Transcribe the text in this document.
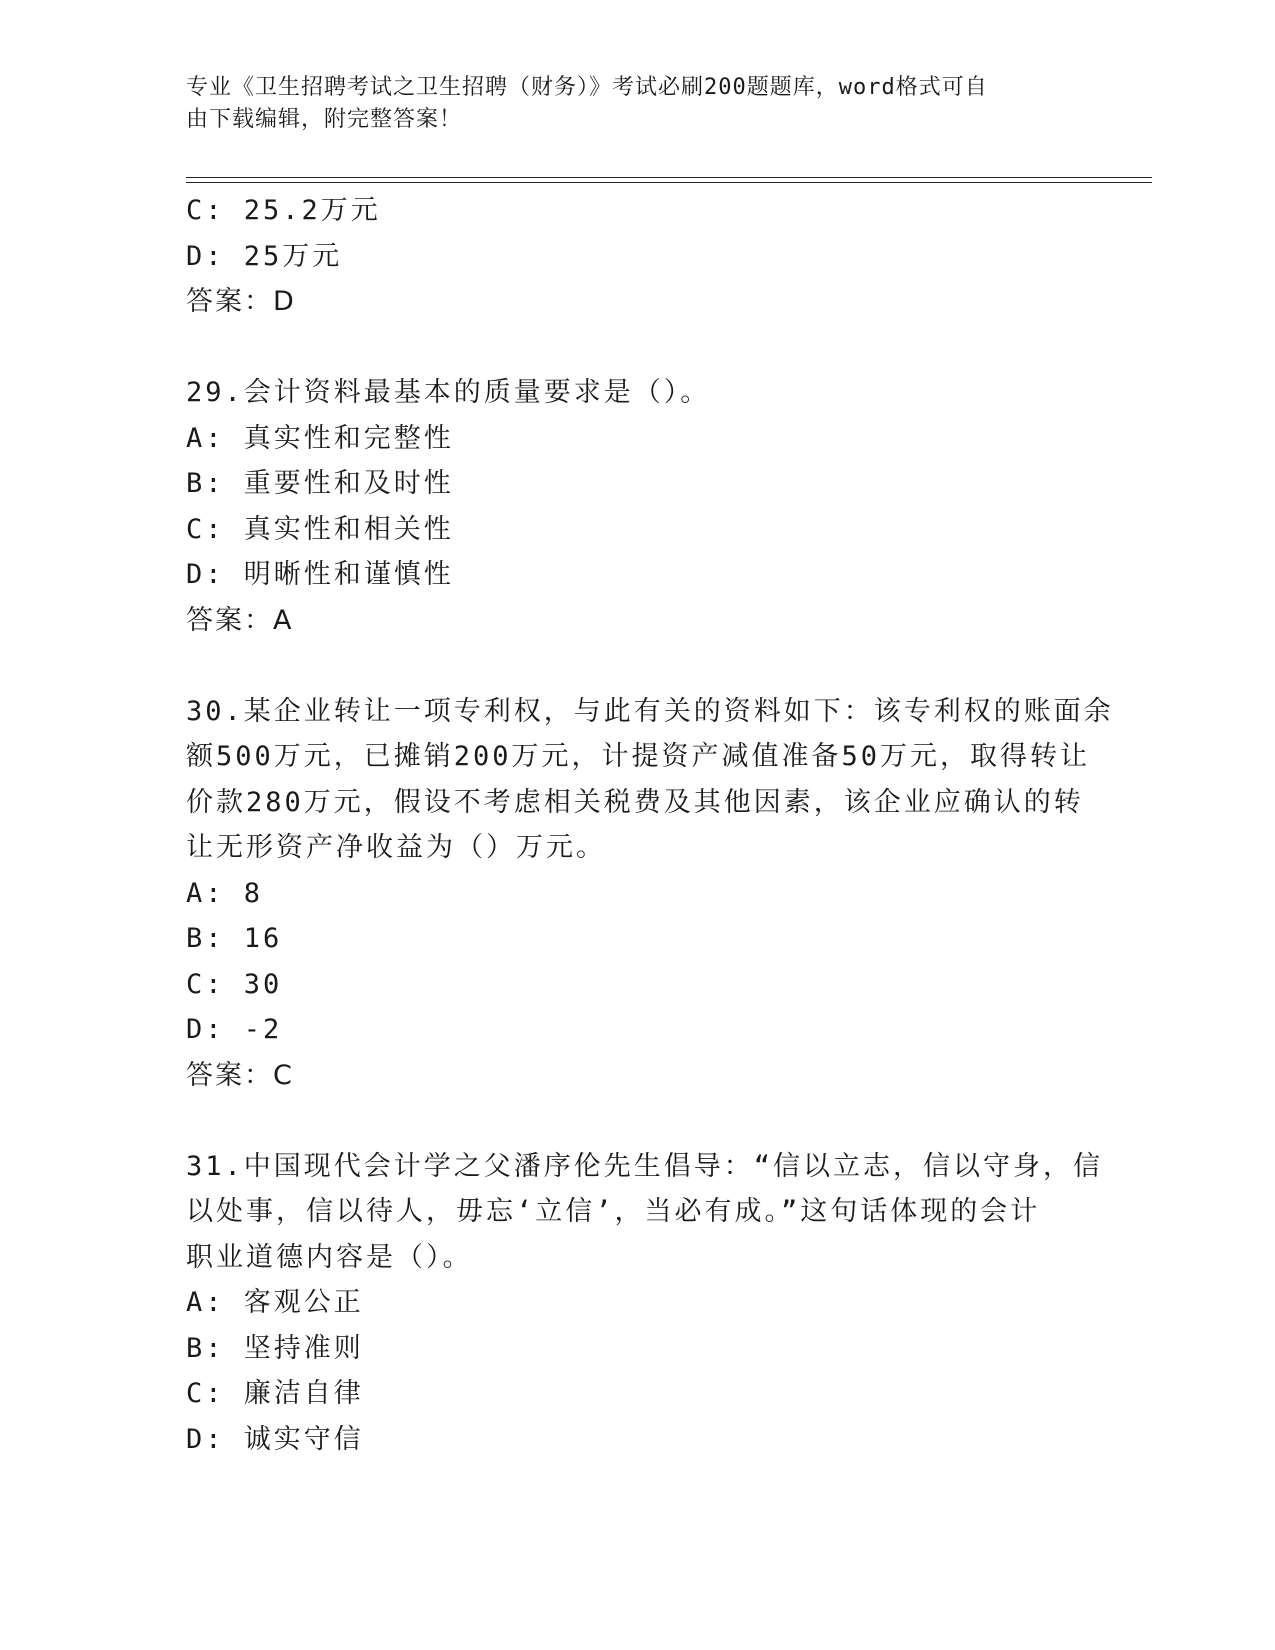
专业《卫生招聘考试之卫生招聘（财务）》考试必刷200题题库，word格式可自
由下载编辑，附完整答案！
C: 25.2万元
D: 25万元
答案：D
29.会计资料最基本的质量要求是（）。
A: 真实性和完整性
B: 重要性和及时性
C: 真实性和相关性
D: 明晰性和谨慎性
答案：A
30.某企业转让一项专利权，与此有关的资料如下：该专利权的账面余
额500万元，已摊销200万元，计提资产减值准备50万元，取得转让
价款280万元，假设不考虑相关税费及其他因素，该企业应确认的转
让无形资产净收益为（）万元。
A: 8
B: 16
C: 30
D: -2
答案：C
31.中国现代会计学之父潘序伦先生倡导：“信以立志，信以守身，信
以处事，信以待人，毋忘‘立信’，当必有成。”这句话体现的会计
职业道德内容是（）。
A: 客观公正
B: 坚持准则
C: 廉洁自律
D: 诚实守信
